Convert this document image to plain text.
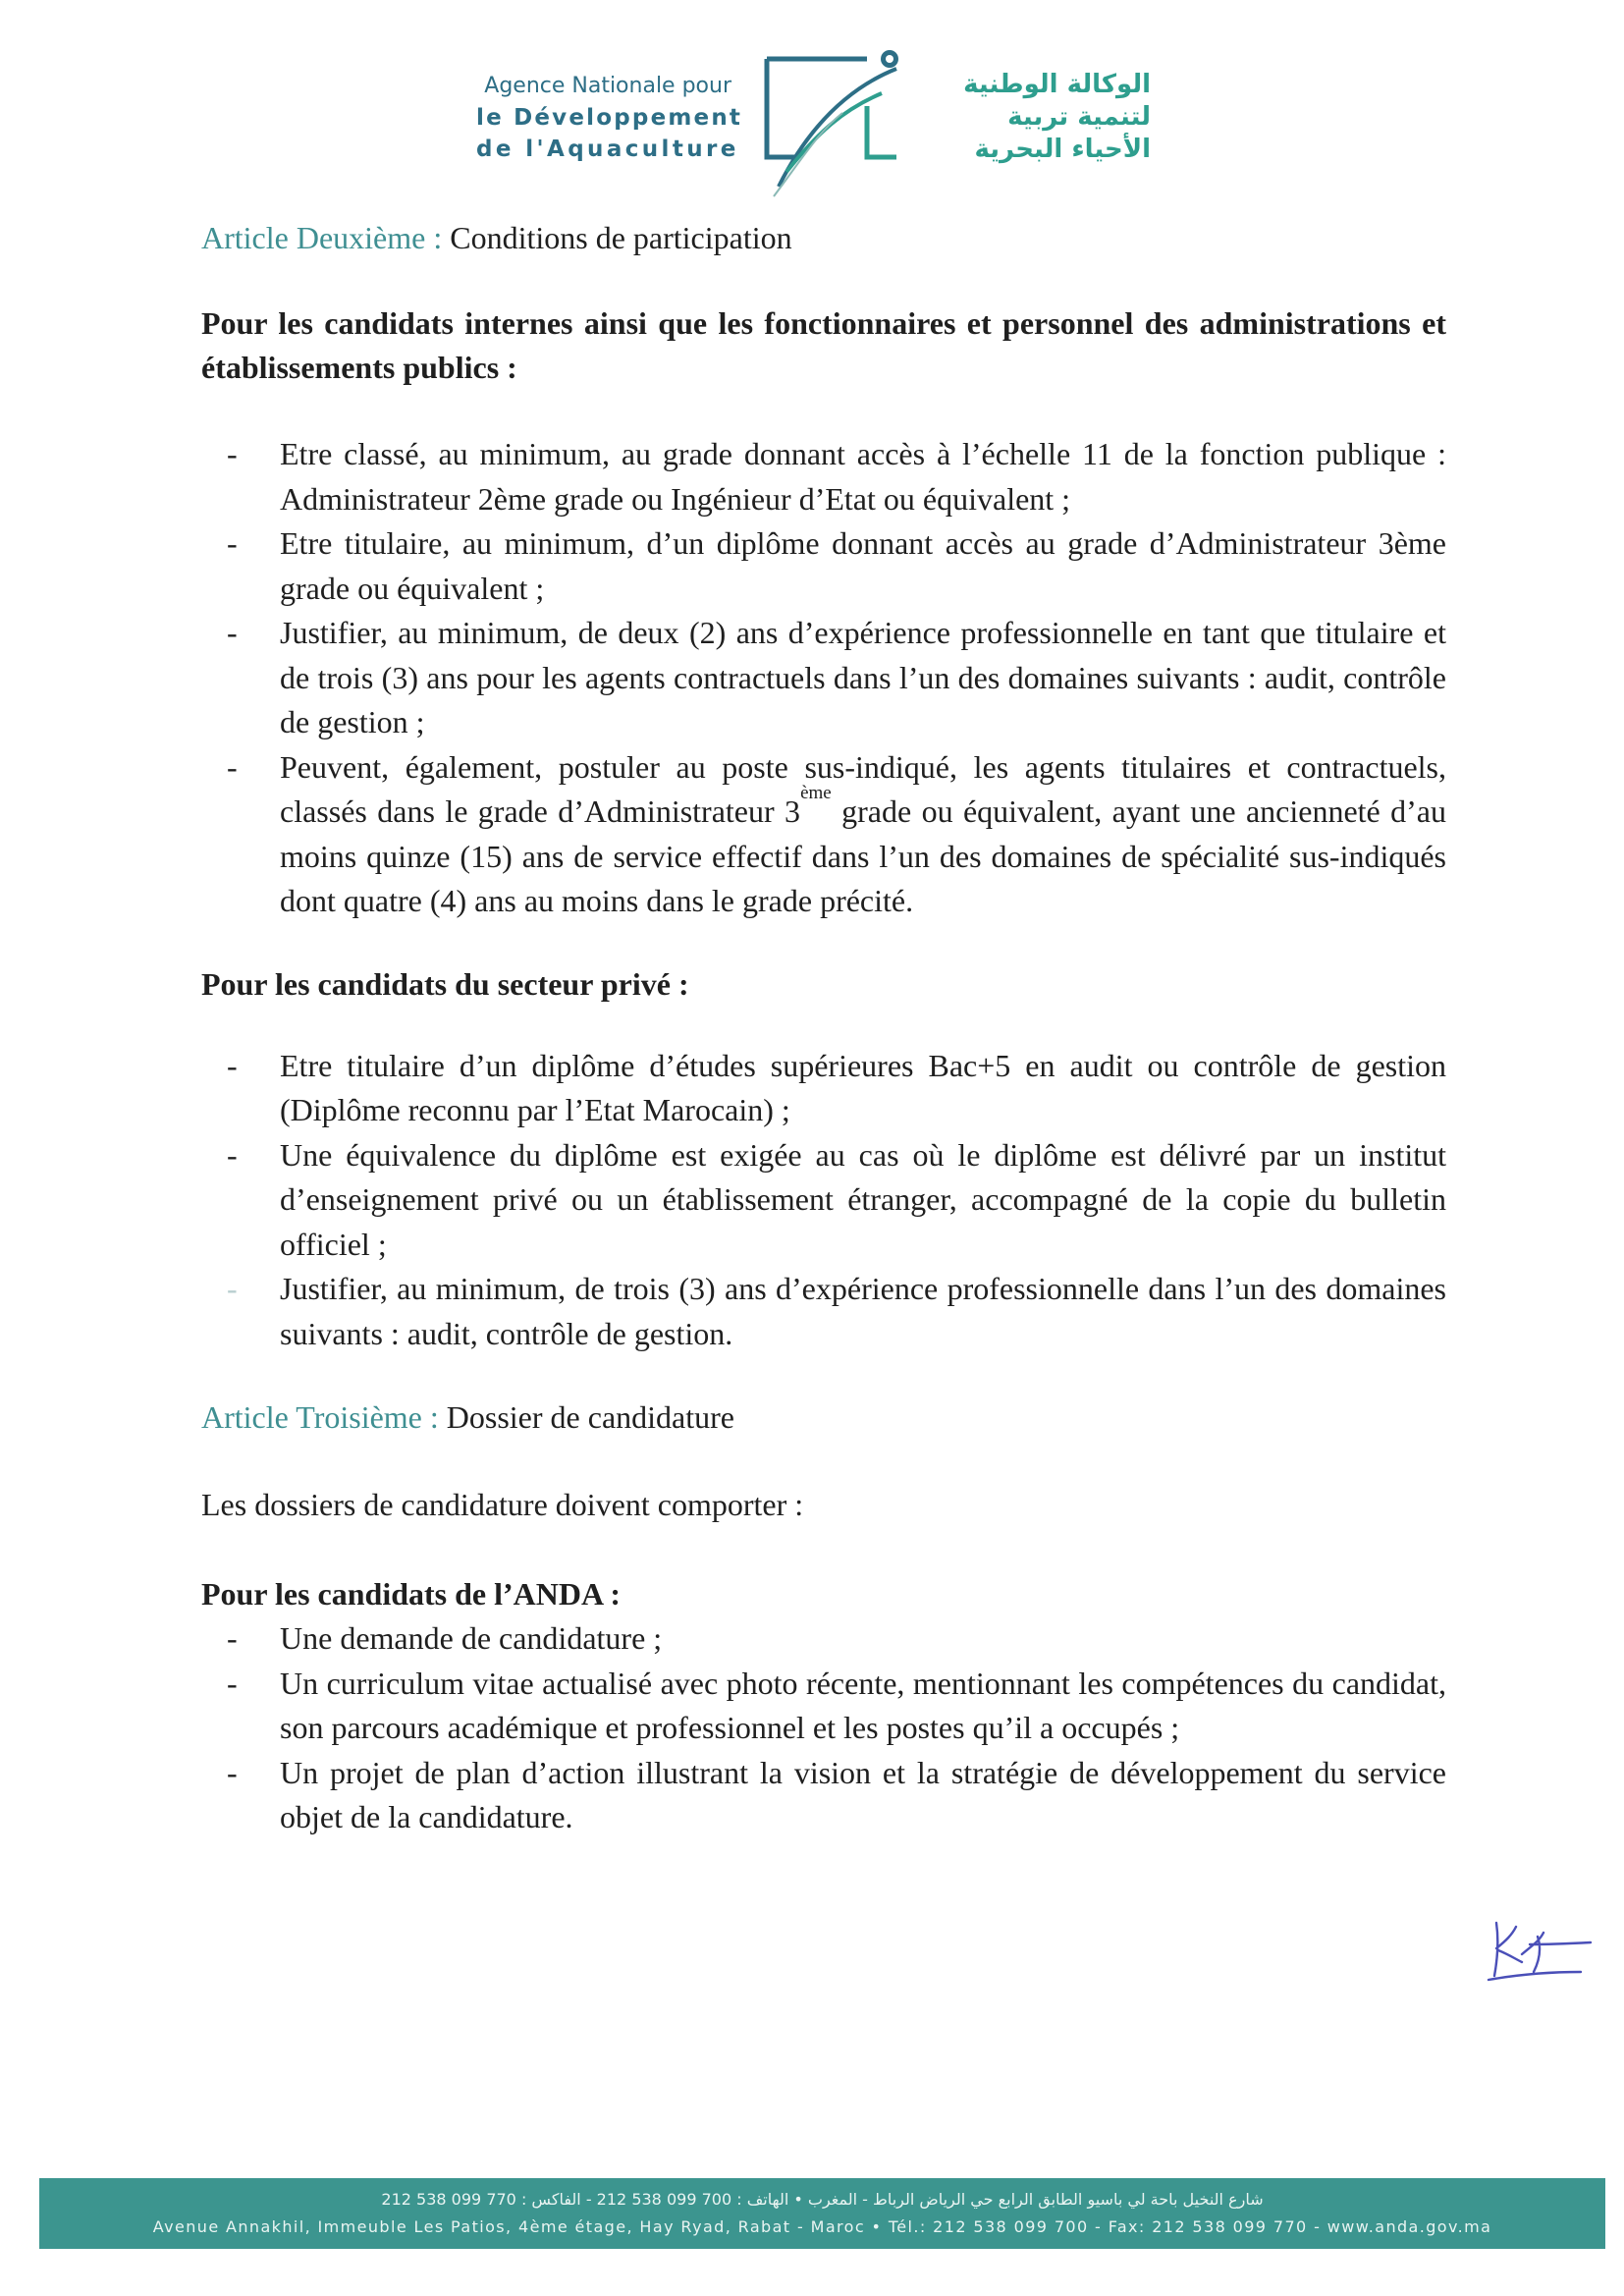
Agence Nationale pour
le Développement
de l'Aquaculture
الوكالة الوطنية
لتنمية تربية
الأحياء البحرية

Article Deuxième : Conditions de participation

Pour les candidats internes ainsi que les fonctionnaires et personnel des administrations et établissements publics :

- Etre classé, au minimum, au grade donnant accès à l’échelle 11 de la fonction publique : Administrateur 2ème grade ou Ingénieur d’Etat ou équivalent ;
- Etre titulaire, au minimum, d’un diplôme donnant accès au grade d’Administrateur 3ème grade ou équivalent ;
- Justifier, au minimum, de deux (2) ans d’expérience professionnelle en tant que titulaire et de trois (3) ans pour les agents contractuels dans l’un des domaines suivants : audit, contrôle de gestion ;
- Peuvent, également, postuler au poste sus-indiqué, les agents titulaires et contractuels, classés dans le grade d’Administrateur 3ème grade ou équivalent, ayant une ancienneté d’au moins quinze (15) ans de service effectif dans l’un des domaines de spécialité sus-indiqués dont quatre (4) ans au moins dans le grade précité.

Pour les candidats du secteur privé :

- Etre titulaire d’un diplôme d’études supérieures Bac+5 en audit ou contrôle de gestion (Diplôme reconnu par l’Etat Marocain) ;
- Une équivalence du diplôme est exigée au cas où le diplôme est délivré par un institut d’enseignement privé ou un établissement étranger, accompagné de la copie du bulletin officiel ;
- Justifier, au minimum, de trois (3) ans d’expérience professionnelle dans l’un des domaines suivants : audit, contrôle de gestion.

Article Troisième : Dossier de candidature

Les dossiers de candidature doivent comporter :

Pour les candidats de l’ANDA :

- Une demande de candidature ;
- Un curriculum vitae actualisé avec photo récente, mentionnant les compétences du candidat, son parcours académique et professionnel et les postes qu’il a occupés ;
- Un projet de plan d’action illustrant la vision et la stratégie de développement du service objet de la candidature.
شارع النخيل باحة لي باسيو الطابق الرابع حي الرياض الرباط - المغرب • الهاتف : 700 099 538 212 - الفاكس : 770 099 538 212
Avenue Annakhil, Immeuble Les Patios, 4ème étage, Hay Ryad, Rabat - Maroc • Tél.: 212 538 099 700 - Fax: 212 538 099 770 - www.anda.gov.ma
